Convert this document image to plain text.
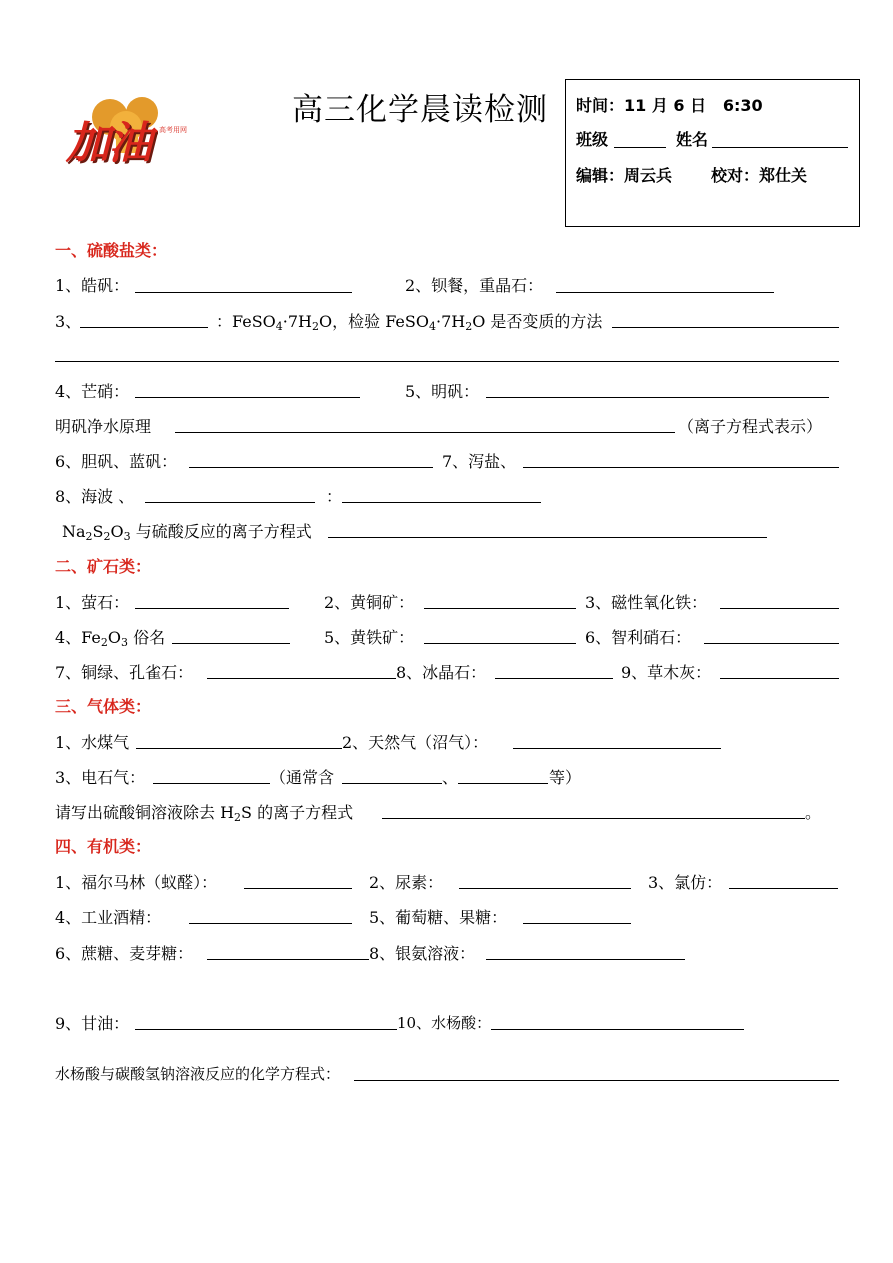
加油 高考用网
高三化学晨读检测 时间：11 月 6 日 6:30
班级	姓名
编辑：周云兵 校对：郑仕关
一、硫酸盐类：
1、皓矾：	2、钡餐，重晶石：
3、	：$FeSO_4\cdot 7H_2O$，检验 $FeSO_4\cdot 7H_2O$ 是否变质的方法
4、芒硝：	5、明矾：
明矾净水原理	（离子方程式表示）
6、胆矾、蓝矾：	7、泻盐、
8、海波 、	：
$Na_2S_2O_3$ 与硫酸反应的离子方程式
二、矿石类：
1、萤石：	2、黄铜矿：	3、磁性氧化铁：
4、$Fe_2O_3$ 俗名	5、黄铁矿：	6、智利硝石：
7、铜绿、孔雀石：	8、冰晶石：	9、草木灰：
三、气体类：
1、水煤气	2、天然气（沼气）：
3、电石气：	（通常含	、	等）
请写出硫酸铜溶液除去 $H_2S$ 的离子方程式	。
四、有机类：
1、福尔马林（蚁醛）：	2、尿素：	3、氯仿：
4、工业酒精：	5、葡萄糖、果糖：
6、蔗糖、麦芽糖：	8、银氨溶液：
9、甘油：	10、水杨酸：
水杨酸与碳酸氢钠溶液反应的化学方程式：
